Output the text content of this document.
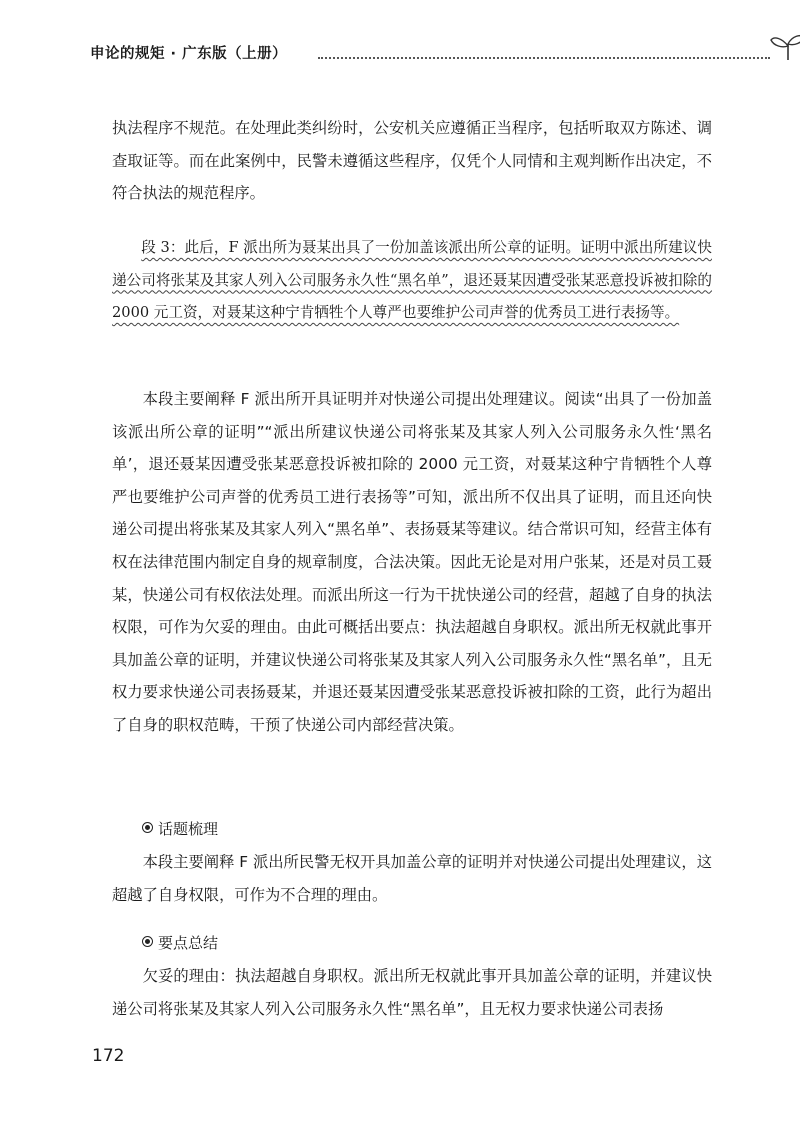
申论的规矩 · 广东版（上册）
执法程序不规范。在处理此类纠纷时，公安机关应遵循正当程序，包括听取双方陈述、调查取证等。而在此案例中，民警未遵循这些程序，仅凭个人同情和主观判断作出决定，不符合执法的规范程序。
段 3：此后，F 派出所为聂某出具了一份加盖该派出所公章的证明。证明中派出所建议快递公司将张某及其家人列入公司服务永久性“黑名单”，退还聂某因遭受张某恶意投诉被扣除的 2000 元工资，对聂某这种宁肯牺牲个人尊严也要维护公司声誉的优秀员工进行表扬等。
本段主要阐释 F 派出所开具证明并对快递公司提出处理建议。阅读“出具了一份加盖该派出所公章的证明”“派出所建议快递公司将张某及其家人列入公司服务永久性‘黑名单’，退还聂某因遭受张某恶意投诉被扣除的 2000 元工资，对聂某这种宁肯牺牲个人尊严也要维护公司声誉的优秀员工进行表扬等”可知，派出所不仅出具了证明，而且还向快递公司提出将张某及其家人列入“黑名单”、表扬聂某等建议。结合常识可知，经营主体有权在法律范围内制定自身的规章制度，合法决策。因此无论是对用户张某，还是对员工聂某，快递公司有权依法处理。而派出所这一行为干扰快递公司的经营，超越了自身的执法权限，可作为欠妥的理由。由此可概括出要点：执法超越自身职权。派出所无权就此事开具加盖公章的证明，并建议快递公司将张某及其家人列入公司服务永久性“黑名单”，且无权力要求快递公司表扬聂某，并退还聂某因遭受张某恶意投诉被扣除的工资，此行为超出了自身的职权范畴，干预了快递公司内部经营决策。
话题梳理
本段主要阐释 F 派出所民警无权开具加盖公章的证明并对快递公司提出处理建议，这超越了自身权限，可作为不合理的理由。
要点总结
欠妥的理由：执法超越自身职权。派出所无权就此事开具加盖公章的证明，并建议快递公司将张某及其家人列入公司服务永久性“黑名单”，且无权力要求快递公司表扬
172
